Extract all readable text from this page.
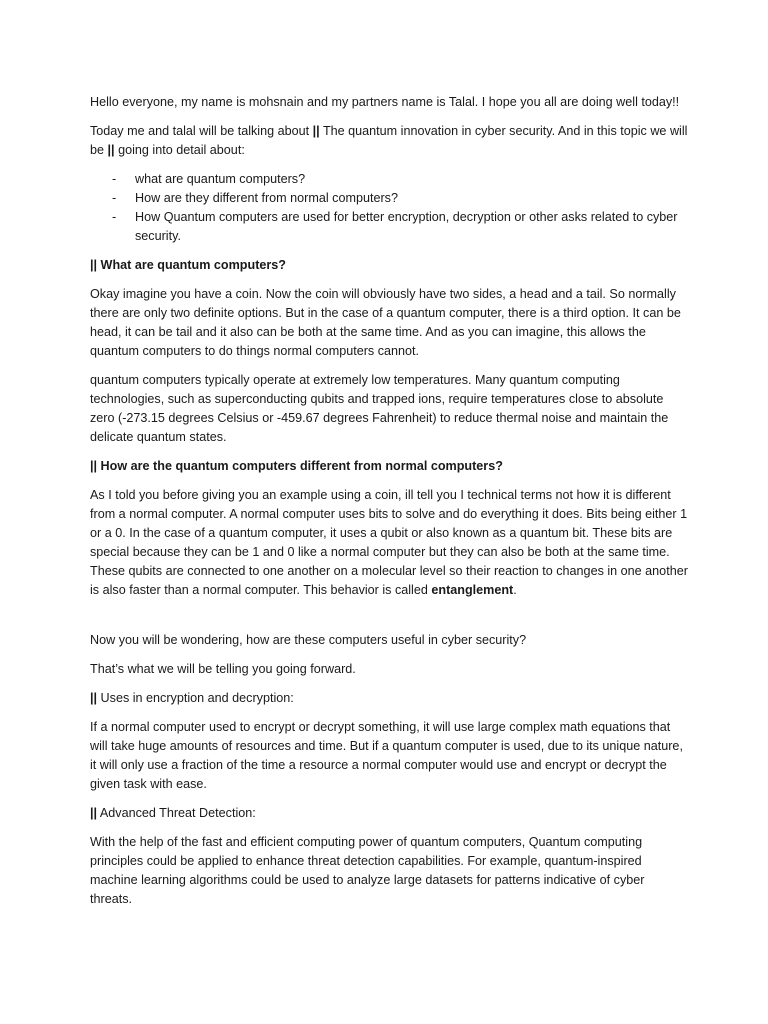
Hello everyone, my name is mohsnain and my partners name is Talal. I hope you all are doing well today!!

Today me and talal will be talking about || The quantum innovation in cyber security. And in this topic we will be || going into detail about:

- what are quantum computers?
- How are they different from normal computers?
- How Quantum computers are used for better encryption, decryption or other asks related to cyber security.

|| What are quantum computers?

Okay imagine you have a coin. Now the coin will obviously have two sides, a head and a tail. So normally there are only two definite options. But in the case of a quantum computer, there is a third option. It can be head, it can be tail and it also can be both at the same time. And as you can imagine, this allows the quantum computers to do things normal computers cannot.

quantum computers typically operate at extremely low temperatures. Many quantum computing technologies, such as superconducting qubits and trapped ions, require temperatures close to absolute zero (-273.15 degrees Celsius or -459.67 degrees Fahrenheit) to reduce thermal noise and maintain the delicate quantum states.

|| How are the quantum computers different from normal computers?

As I told you before giving you an example using a coin, ill tell you I technical terms not how it is different from a normal computer. A normal computer uses bits to solve and do everything it does. Bits being either 1 or a 0. In the case of a quantum computer, it uses a qubit or also known as a quantum bit. These bits are special because they can be 1 and 0 like a normal computer but they can also be both at the same time. These qubits are connected to one another on a molecular level so their reaction to changes in one another is also faster than a normal computer. This behavior is called entanglement.

Now you will be wondering, how are these computers useful in cyber security?

That’s what we will be telling you going forward.

|| Uses in encryption and decryption:

If a normal computer used to encrypt or decrypt something, it will use large complex math equations that will take huge amounts of resources and time. But if a quantum computer is used, due to its unique nature, it will only use a fraction of the time a resource a normal computer would use and encrypt or decrypt the given task with ease.

|| Advanced Threat Detection:

With the help of the fast and efficient computing power of quantum computers, Quantum computing principles could be applied to enhance threat detection capabilities. For example, quantum-inspired machine learning algorithms could be used to analyze large datasets for patterns indicative of cyber threats.
